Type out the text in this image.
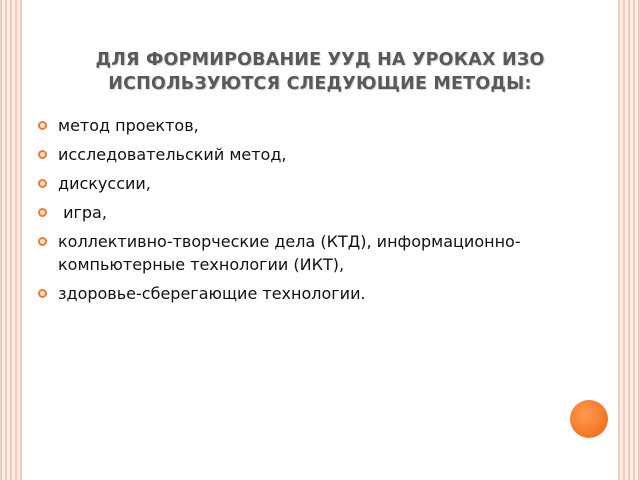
ДЛЯ ФОРМИРОВАНИЕ УУД НА УРОКАХ ИЗО ИСПОЛЬЗУЮТСЯ СЛЕДУЮЩИЕ МЕТОДЫ:
метод проектов,
исследовательский метод,
дискуссии,
игра,
коллективно-творческие дела (КТД), информационно-компьютерные технологии (ИКТ),
здоровье-сберегающие технологии.
